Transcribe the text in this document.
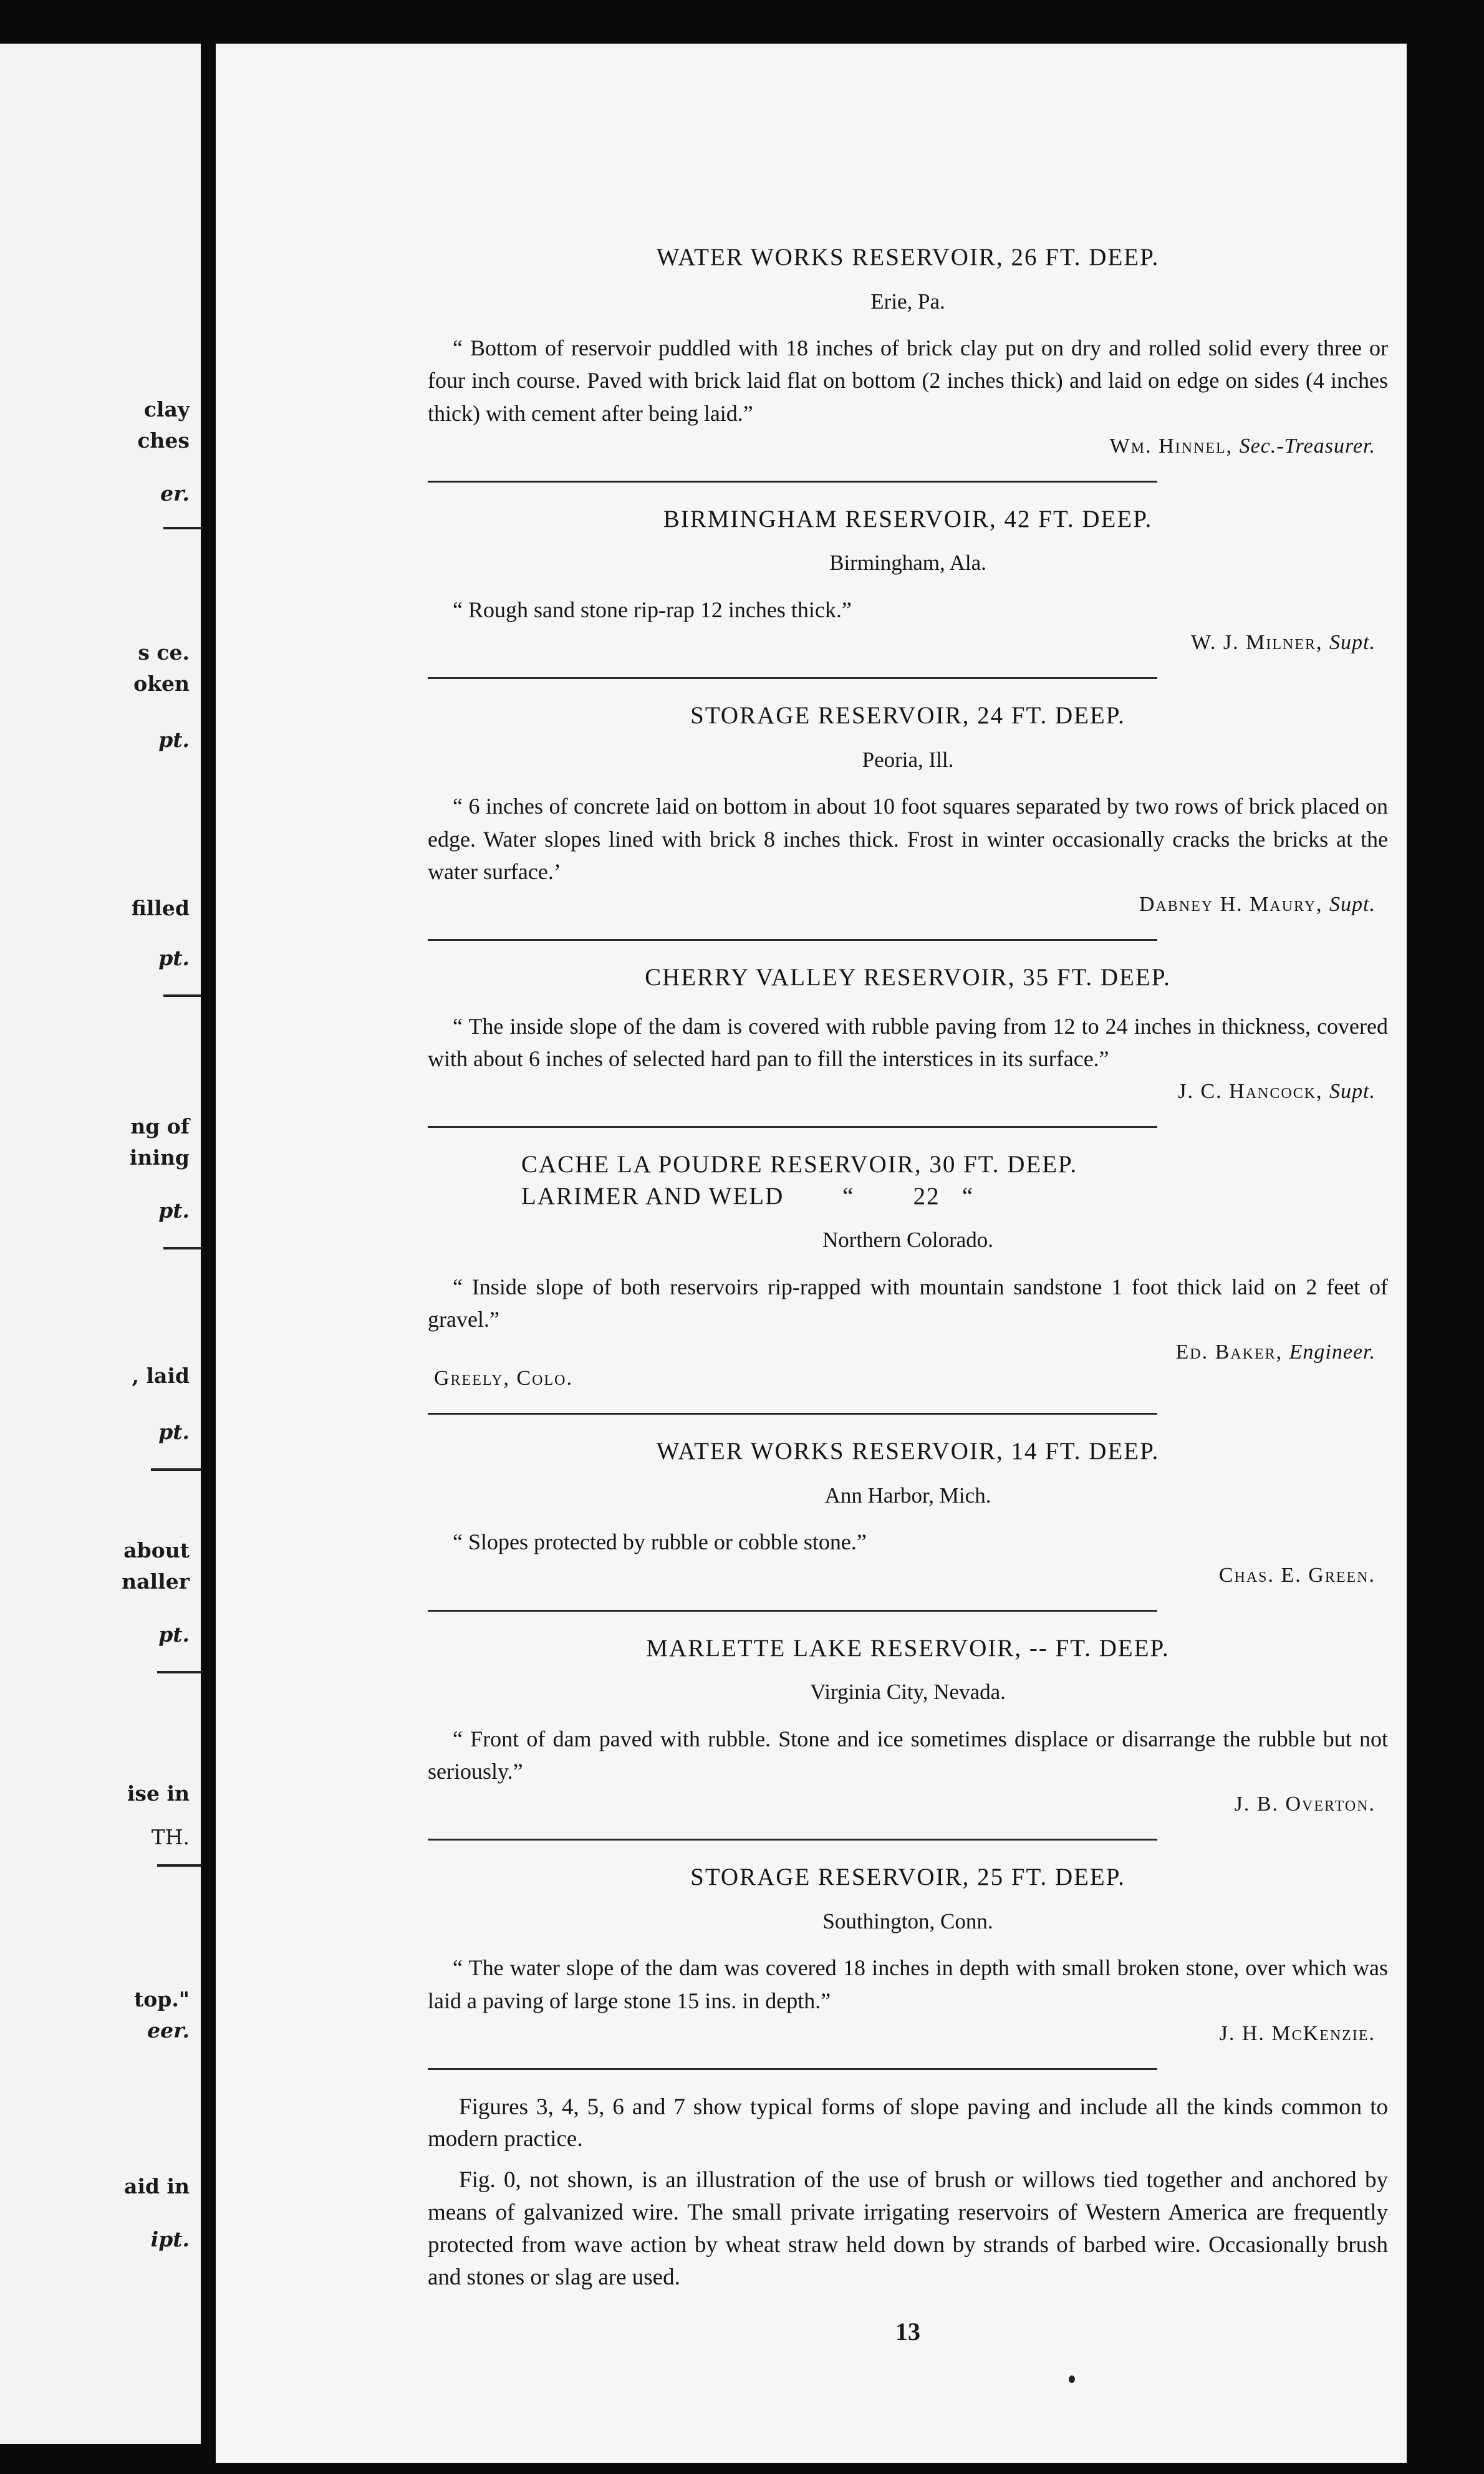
clay
ches
er.
s ce.
oken
pt.
filled
pt.
ng of
ining
pt.
, laid
pt.
about
naller
pt.
ise in
TH.
top."
eer.
aid in
ipt.
WATER WORKS RESERVOIR, 26 FT. DEEP.
Erie, Pa.

“ Bottom of reservoir puddled with 18 inches of brick clay put on dry and rolled solid every three or four inch course. Paved with brick laid flat on bottom (2 inches thick) and laid on edge on sides (4 inches thick) with cement after being laid.”

Wm. Hinnel, Sec.-Treasurer.
BIRMINGHAM RESERVOIR, 42 FT. DEEP.
Birmingham, Ala.

“ Rough sand stone rip-rap 12 inches thick.”

W. J. Milner, Supt.
STORAGE RESERVOIR, 24 FT. DEEP.
Peoria, Ill.

“ 6 inches of concrete laid on bottom in about 10 foot squares separated by two rows of brick placed on edge. Water slopes lined with brick 8 inches thick. Frost in winter occasionally cracks the bricks at the water surface.’

Dabney H. Maury, Supt.
CHERRY VALLEY RESERVOIR, 35 FT. DEEP.

“ The inside slope of the dam is covered with rubble paving from 12 to 24 inches in thickness, covered with about 6 inches of selected hard pan to fill the interstices in its surface.”

J. C. Hancock, Supt.
CACHE LA POUDRE RESERVOIR, 30 FT. DEEP.
LARIMER AND WELD        “        22   “
Northern Colorado.

“ Inside slope of both reservoirs rip-rapped with mountain sandstone 1 foot thick laid on 2 feet of gravel.”

Ed. Baker, Engineer.
Greely, Colo.
WATER WORKS RESERVOIR, 14 FT. DEEP.
Ann Harbor, Mich.

“ Slopes protected by rubble or cobble stone.”

Chas. E. Green.
MARLETTE LAKE RESERVOIR, -- FT. DEEP.
Virginia City, Nevada.

“ Front of dam paved with rubble. Stone and ice sometimes displace or disarrange the rubble but not seriously.”

J. B. Overton.
STORAGE RESERVOIR, 25 FT. DEEP.
Southington, Conn.

“ The water slope of the dam was covered 18 inches in depth with small broken stone, over which was laid a paving of large stone 15 ins. in depth.”

J. H. McKenzie.

Figures 3, 4, 5, 6 and 7 show typical forms of slope paving and include all the kinds common to modern practice.

Fig. 0, not shown, is an illustration of the use of brush or willows tied together and anchored by means of galvanized wire. The small private irrigating reservoirs of Western America are frequently protected from wave action by wheat straw held down by strands of barbed wire. Occasionally brush and stones or slag are used.

13
